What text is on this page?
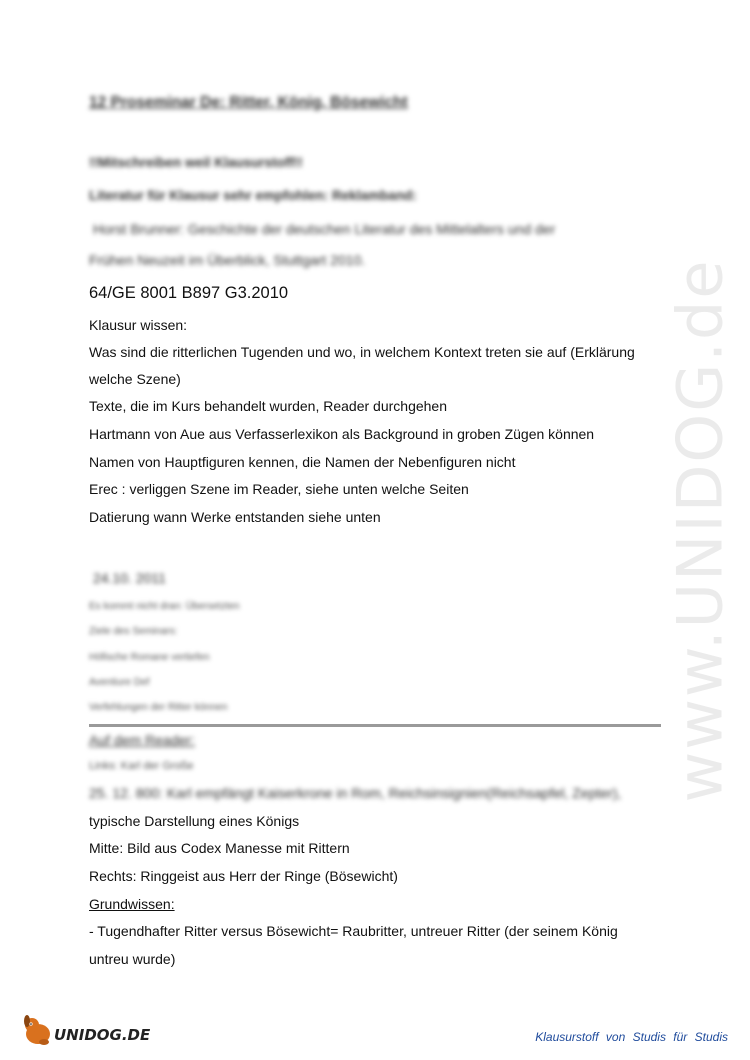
www.UNIDOG.de
12 Proseminar De: Ritter, König, Bösewicht
!!Mitschreiben weil Klausurstoff!!
Literatur für Klausur sehr empfohlen: Reklamband:
Horst Brunner: Geschichte der deutschen Literatur des Mittelalters und der
Frühen Neuzeit im Überblick, Stuttgart 2010.
64/GE 8001 B897 G3.2010
Klausur wissen:
Was sind die ritterlichen Tugenden und wo, in welchem Kontext treten sie auf (Erklärung
welche Szene)
Texte, die im Kurs behandelt wurden, Reader durchgehen
Hartmann von Aue aus Verfasserlexikon als Background in groben Zügen können
Namen von Hauptfiguren kennen, die Namen der Nebenfiguren nicht
Erec : verliggen Szene im Reader, siehe unten welche Seiten
Datierung wann Werke entstanden siehe unten
24.10. 2011
Es kommt nicht dran: Übersetzten
Ziele des Seminars:
Höfische Romane vertiefen
Aventiure Def
Verfehlungen der Ritter können
Auf dem Reader:
Links: Karl der Große
25. 12. 800: Karl empfängt Kaiserkrone in Rom, Reichsinsignien(Reichsapfel, Zepter),
typische Darstellung eines Königs
Mitte: Bild aus Codex Manesse mit Rittern
Rechts: Ringgeist aus Herr der Ringe (Bösewicht)
Grundwissen:
- Tugendhafter Ritter versus Bösewicht= Raubritter, untreuer Ritter (der seinem König
untreu wurde)
UNIDOG.DE	Klausurstoff von Studis für Studis
